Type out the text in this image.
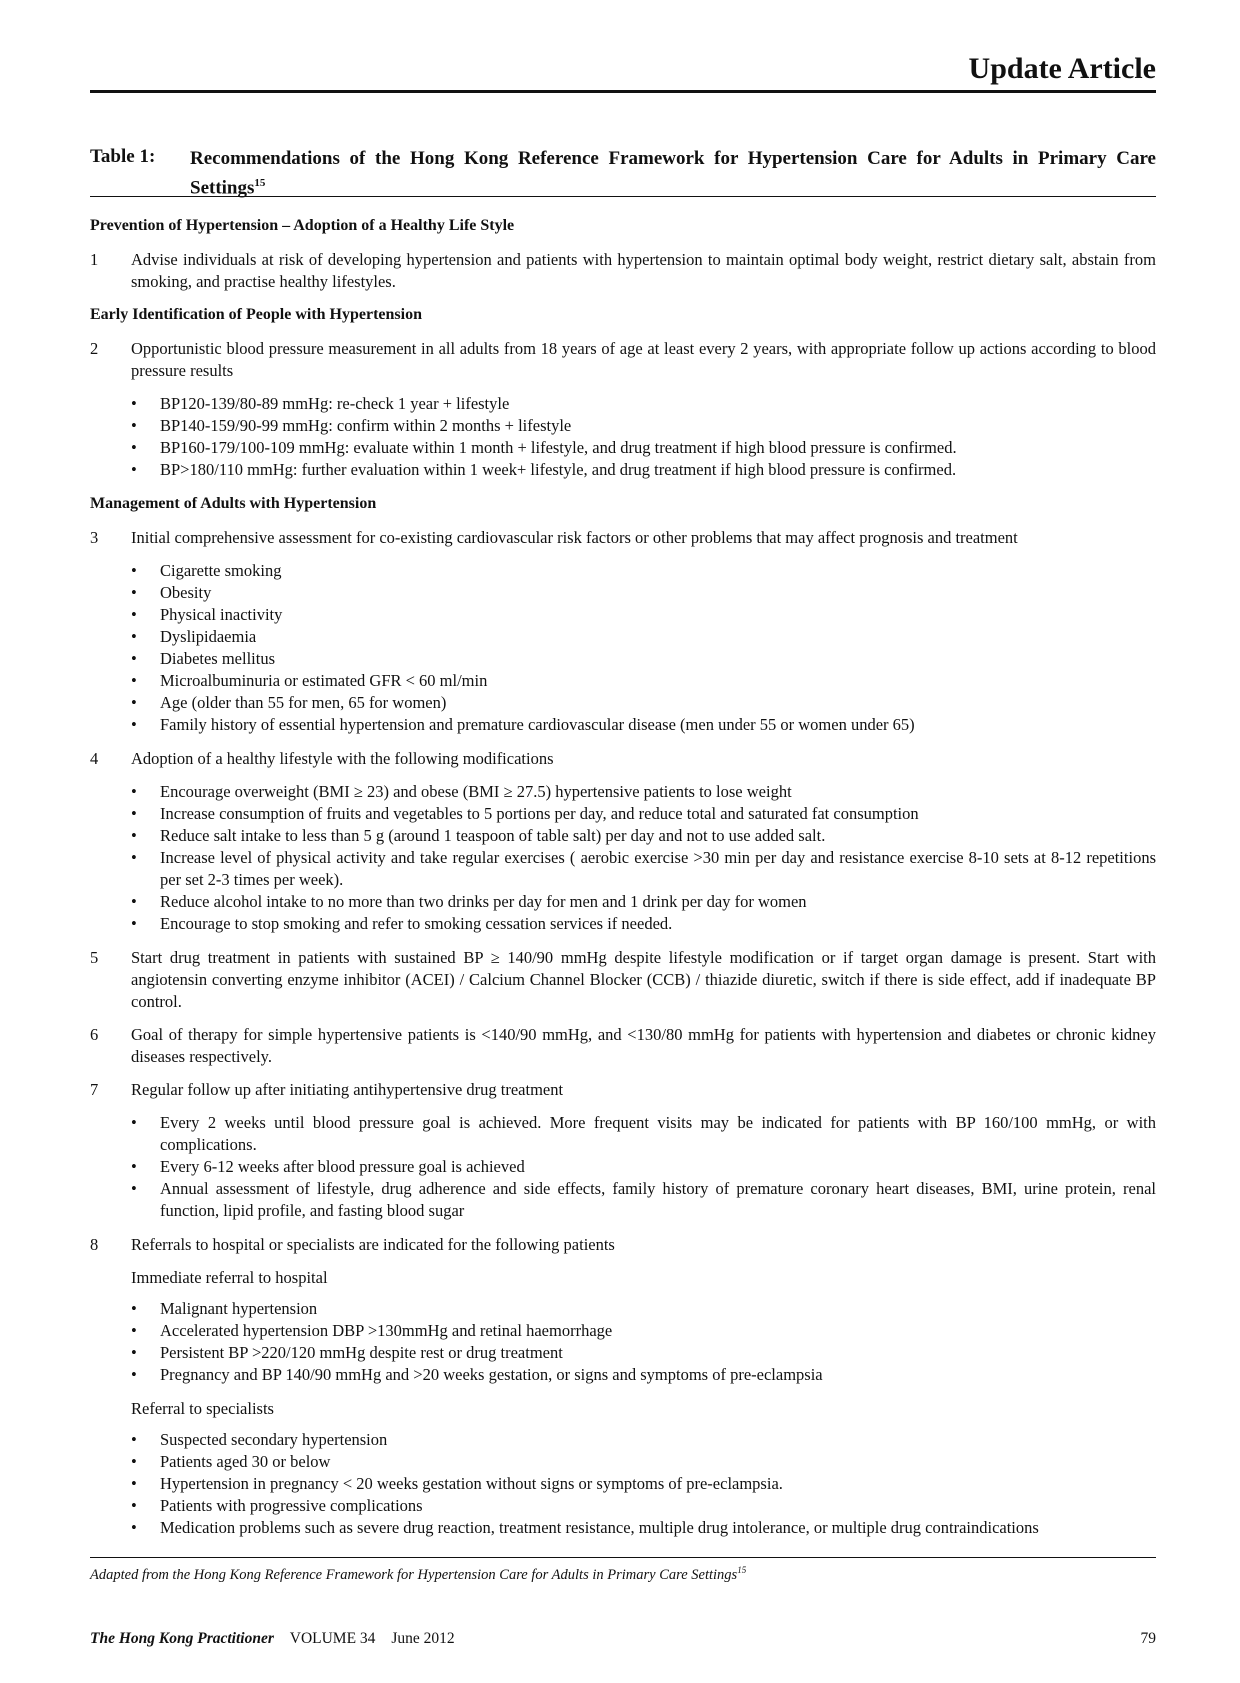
Update Article
Table 1: Recommendations of the Hong Kong Reference Framework for Hypertension Care for Adults in Primary Care Settings$^{15}$
Prevention of Hypertension – Adoption of a Healthy Life Style
1 Advise individuals at risk of developing hypertension and patients with hypertension to maintain optimal body weight, restrict dietary salt, abstain from smoking, and practise healthy lifestyles.
Early Identification of People with Hypertension
2 Opportunistic blood pressure measurement in all adults from 18 years of age at least every 2 years, with appropriate follow up actions according to blood pressure results
• BP120-139/80-89 mmHg: re-check 1 year + lifestyle
• BP140-159/90-99 mmHg: confirm within 2 months + lifestyle
• BP160-179/100-109 mmHg: evaluate within 1 month + lifestyle, and drug treatment if high blood pressure is confirmed.
• BP>180/110 mmHg: further evaluation within 1 week+ lifestyle, and drug treatment if high blood pressure is confirmed.
Management of Adults with Hypertension
3 Initial comprehensive assessment for co-existing cardiovascular risk factors or other problems that may affect prognosis and treatment
• Cigarette smoking
• Obesity
• Physical inactivity
• Dyslipidaemia
• Diabetes mellitus
• Microalbuminuria or estimated GFR < 60 ml/min
• Age (older than 55 for men, 65 for women)
• Family history of essential hypertension and premature cardiovascular disease (men under 55 or women under 65)
4 Adoption of a healthy lifestyle with the following modifications
• Encourage overweight (BMI ≥ 23) and obese (BMI ≥ 27.5) hypertensive patients to lose weight
• Increase consumption of fruits and vegetables to 5 portions per day, and reduce total and saturated fat consumption
• Reduce salt intake to less than 5 g (around 1 teaspoon of table salt) per day and not to use added salt.
• Increase level of physical activity and take regular exercises ( aerobic exercise >30 min per day and resistance exercise 8-10 sets at 8-12 repetitions per set 2-3 times per week).
• Reduce alcohol intake to no more than two drinks per day for men and 1 drink per day for women
• Encourage to stop smoking and refer to smoking cessation services if needed.
5 Start drug treatment in patients with sustained BP ≥ 140/90 mmHg despite lifestyle modification or if target organ damage is present. Start with angiotensin converting enzyme inhibitor (ACEI) / Calcium Channel Blocker (CCB) / thiazide diuretic, switch if there is side effect, add if inadequate BP control.
6 Goal of therapy for simple hypertensive patients is <140/90 mmHg, and <130/80 mmHg for patients with hypertension and diabetes or chronic kidney diseases respectively.
7 Regular follow up after initiating antihypertensive drug treatment
• Every 2 weeks until blood pressure goal is achieved. More frequent visits may be indicated for patients with BP 160/100 mmHg, or with complications.
• Every 6-12 weeks after blood pressure goal is achieved
• Annual assessment of lifestyle, drug adherence and side effects, family history of premature coronary heart diseases, BMI, urine protein, renal function, lipid profile, and fasting blood sugar
8 Referrals to hospital or specialists are indicated for the following patients
Immediate referral to hospital
• Malignant hypertension
• Accelerated hypertension DBP >130mmHg and retinal haemorrhage
• Persistent BP >220/120 mmHg despite rest or drug treatment
• Pregnancy and BP 140/90 mmHg and >20 weeks gestation, or signs and symptoms of pre-eclampsia
Referral to specialists
• Suspected secondary hypertension
• Patients aged 30 or below
• Hypertension in pregnancy < 20 weeks gestation without signs or symptoms of pre-eclampsia.
• Patients with progressive complications
• Medication problems such as severe drug reaction, treatment resistance, multiple drug intolerance, or multiple drug contraindications
Adapted from the Hong Kong Reference Framework for Hypertension Care for Adults in Primary Care Settings$^{15}$
The Hong Kong Practitioner VOLUME 34 June 2012	79
